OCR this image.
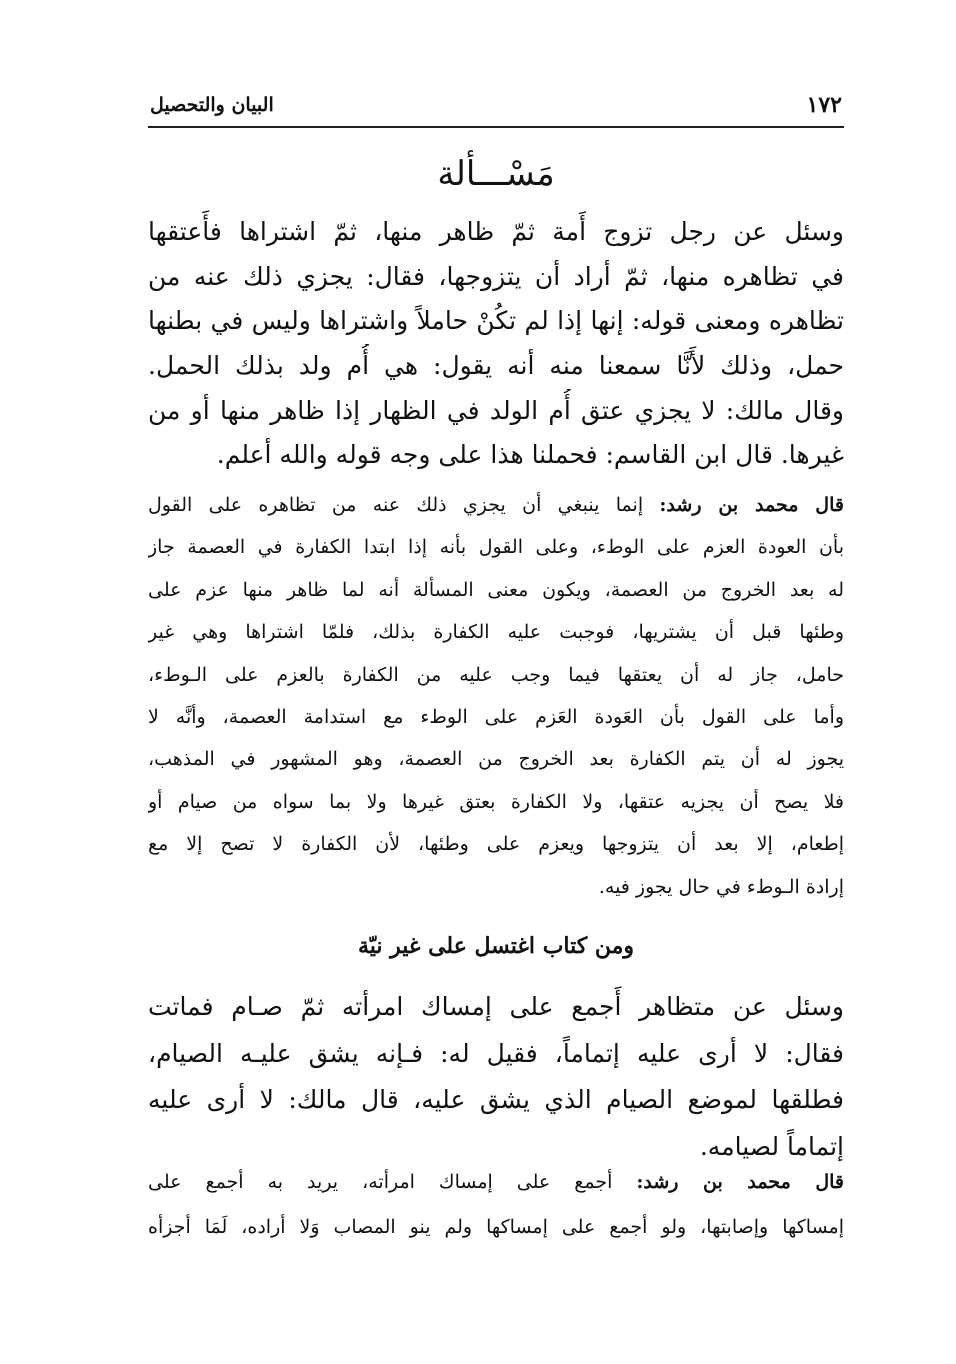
١٧٢
البيان والتحصيل
مَسْـــألة
وسئل عن رجل تزوج أَمة ثمّ ظاهر منها، ثمّ اشتراها فأَعتقها
في تظاهره منها، ثمّ أراد أن يتزوجها، فقال: يجزي ذلك عنه من
تظاهره ومعنى قوله: إنها إذا لم تكُنْ حاملاً واشتراها وليس في بطنها
حمل، وذلك لأَنَّا سمعنا منه أنه يقول: هي أُم ولد بذلك الحمل.
وقال مالك: لا يجزي عتق أُم الولد في الظهار إذا ظاهر منها أو من
غيرها. قال ابن القاسم: فحملنا هذا على وجه قوله والله أعلم.
قال محمد بن رشد: إنما ينبغي أن يجزي ذلك عنه من تظاهره على القول
بأن العودة العزم على الوطء، وعلى القول بأنه إذا ابتدا الكفارة في العصمة جاز
له بعد الخروج من العصمة، ويكون معنى المسألة أنه لما ظاهر منها عزم على
وطئها قبل أن يشتريها، فوجبت عليه الكفارة بذلك، فلمّا اشتراها وهي غير
حامل، جاز له أن يعتقها فيما وجب عليه من الكفارة بالعزم على الـوطء،
وأما على القول بأن العَودة العَزم على الوطء مع استدامة العصمة، وأنَّه لا
يجوز له أن يتم الكفارة بعد الخروج من العصمة، وهو المشهور في المذهب،
فلا يصح أن يجزيه عتقها، ولا الكفارة بعتق غيرها ولا بما سواه من صيام أو
إطعام، إلا بعد أن يتزوجها ويعزم على وطئها، لأن الكفارة لا تصح إلا مع
إرادة الـوطء في حال يجوز فيه.
ومن كتاب اغتسل على غير نيّة
وسئل عن متظاهر أَجمع على إمساك امرأته ثمّ صـام فماتت
فقال: لا أرى عليه إتماماً، فقيل له: فـإنه يشق عليـه الصيام،
فطلقها لموضع الصيام الذي يشق عليه، قال مالك: لا أرى عليه
إتماماً لصيامه.
قال محمد بن رشد: أجمع على إمساك امرأته، يريد به أجمع على
إمساكها وإصابتها، ولو أجمع على إمساكها ولم ينو المصاب وَلا أراده، لَمَا أجزأه
